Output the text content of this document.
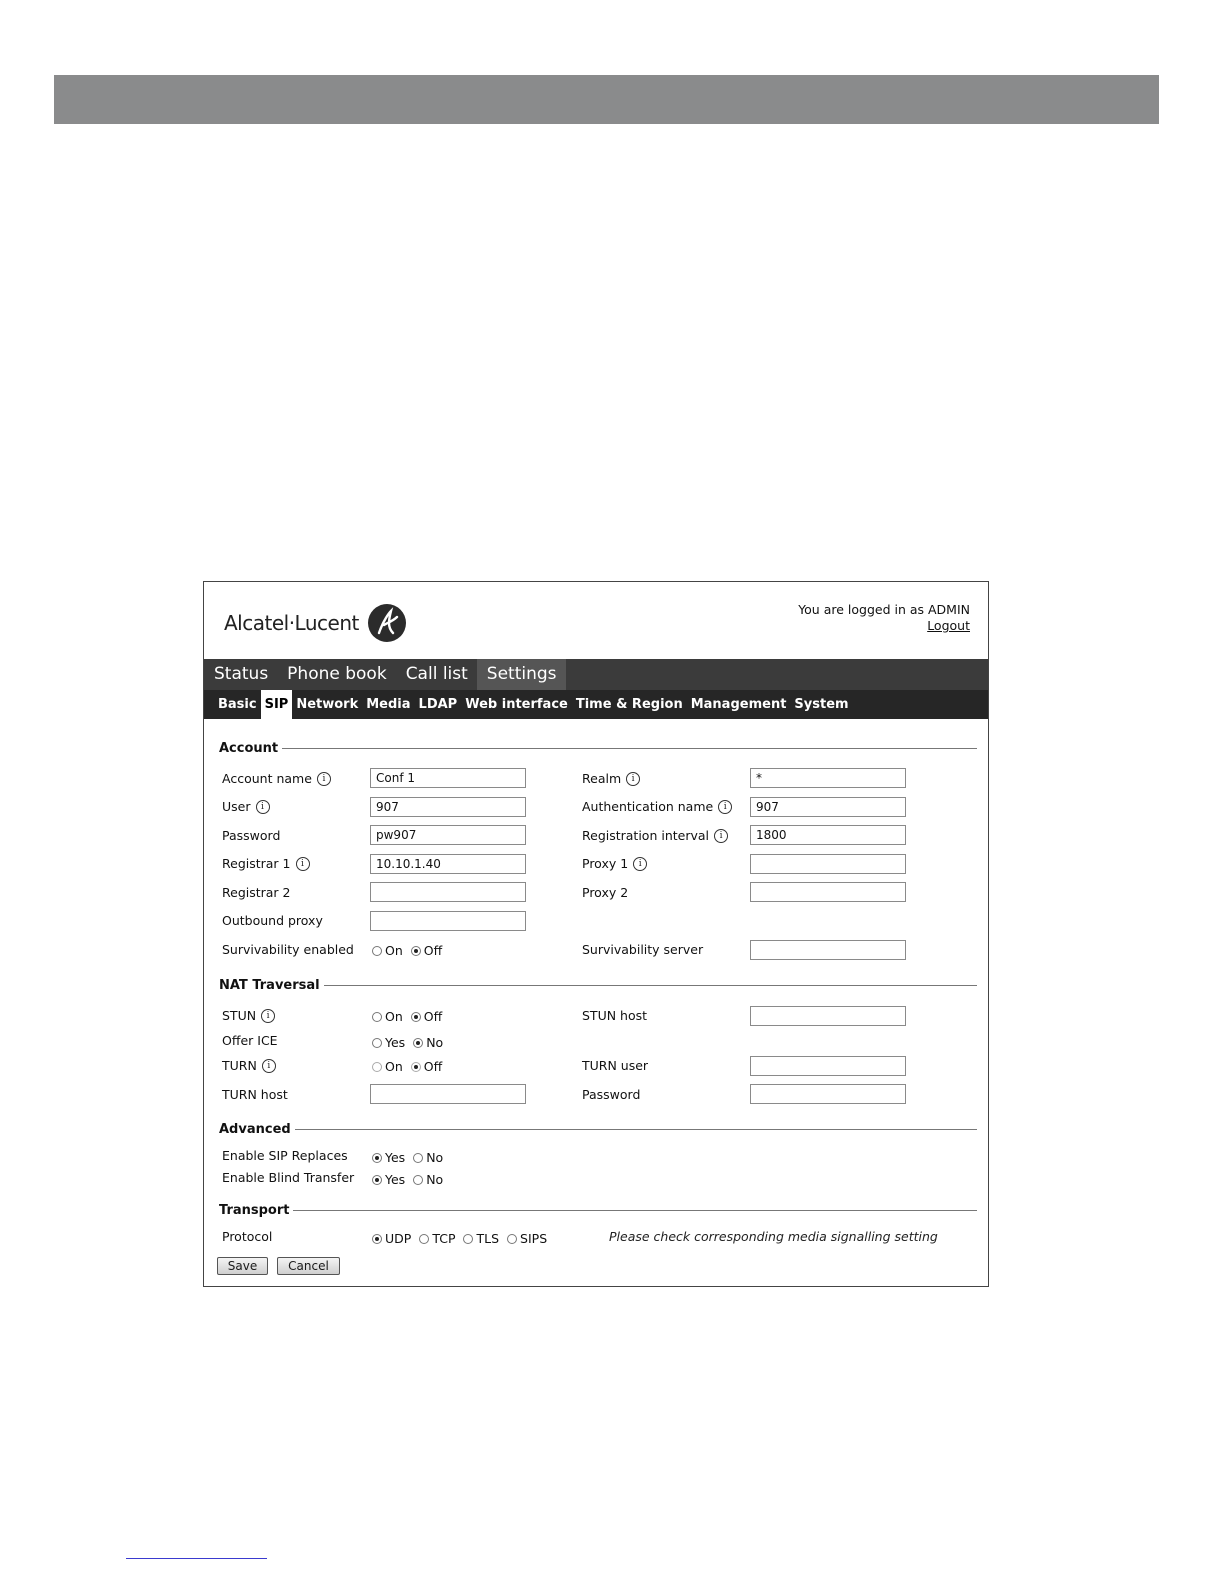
Alcatel·Lucent
You are logged in as ADMIN
Logout
Status	Phone book	Call list	Settings
Basic SIP Network Media LDAP Web interface Time & Region Management System
Account
Account name	i	Conf 1	Realm	i	*
User	i	907	Authentication name	i	907
Password	pw907	Registration interval	i	1800
Registrar 1	i	10.10.1.40	Proxy 1	i
Registrar 2	Proxy 2
Outbound proxy
Survivability enabled On Off	Survivability server
NAT Traversal
STUN	i	On Off	STUN host
Offer ICE	Yes No
TURN	i	On Off	TURN user
TURN host	Password
Advanced
Enable SIP Replaces	Yes No
Enable Blind Transfer Yes No
Transport
Protocol	UDP TCP TLS SIPS	Please check corresponding media signalling setting
Save	Cancel
